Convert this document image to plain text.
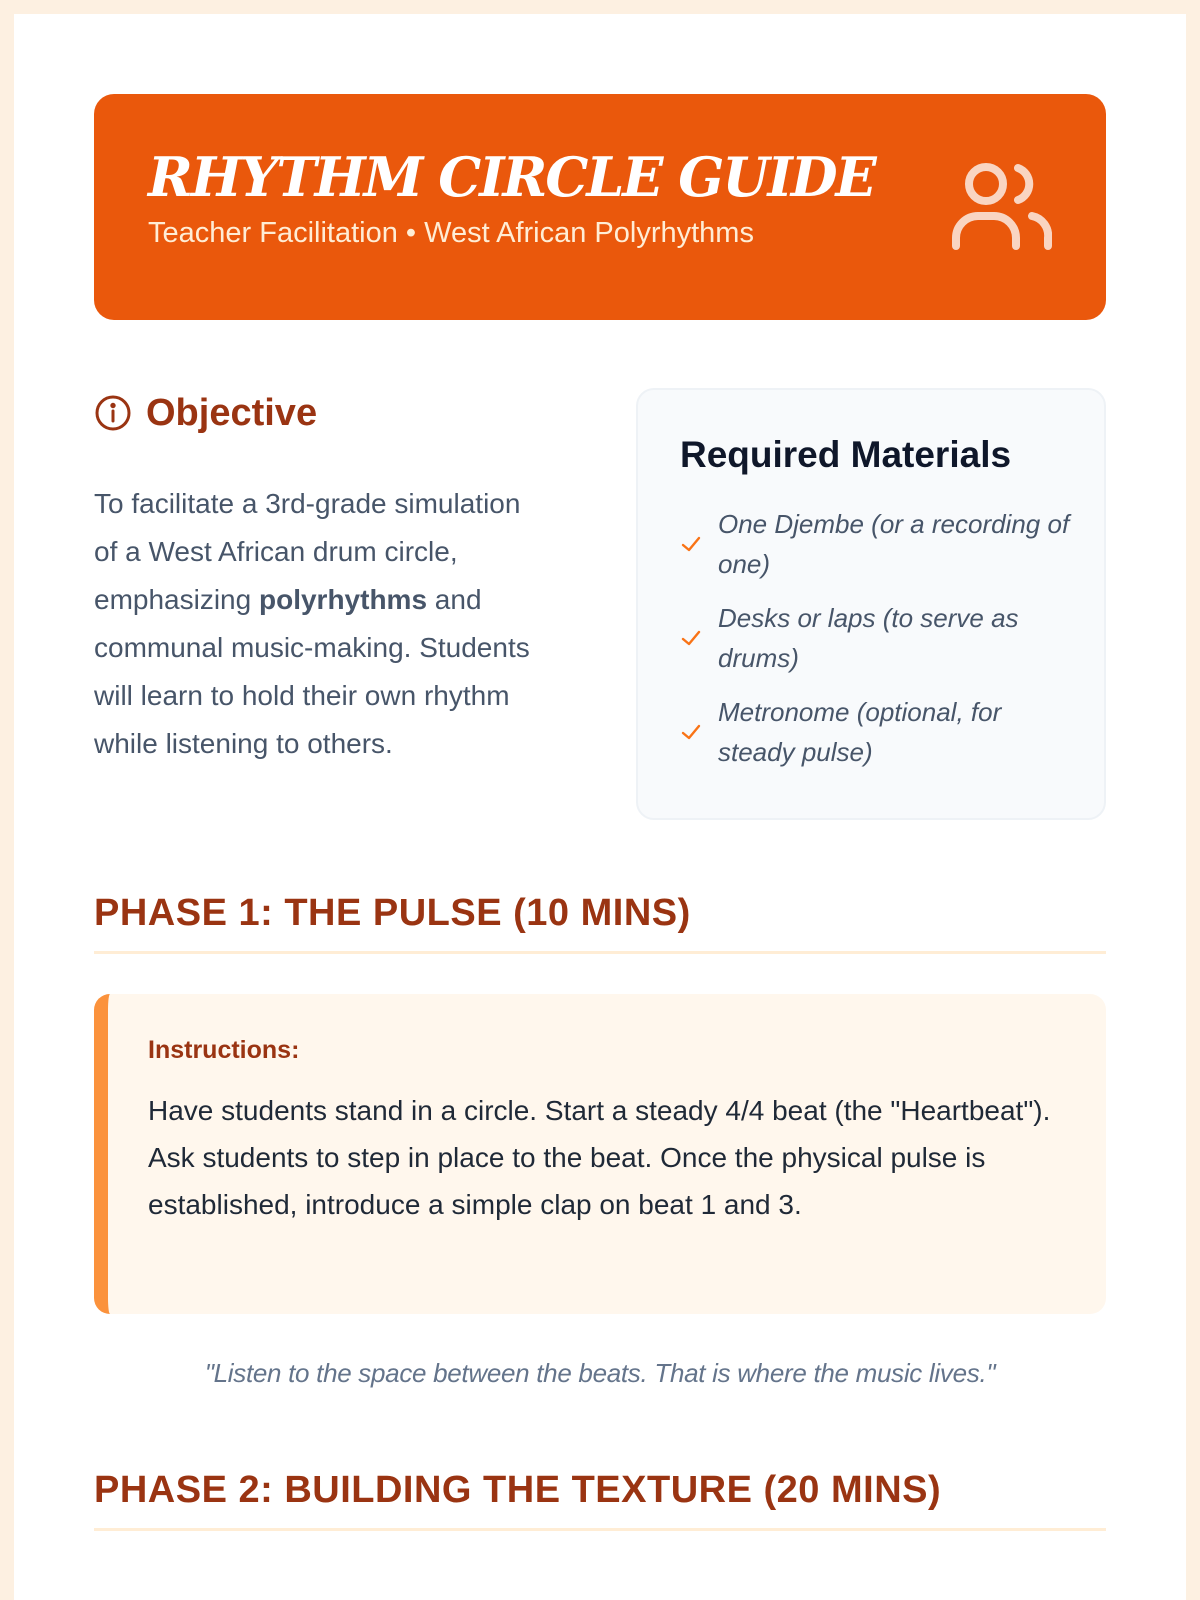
RHYTHM CIRCLE GUIDE
Teacher Facilitation • West African Polyrhythms
Objective

To facilitate a 3rd-grade simulation of a West African drum circle, emphasizing polyrhythms and communal music-making. Students will learn to hold their own rhythm while listening to others.

Required Materials
One Djembe (or a recording of one)
Desks or laps (to serve as drums)
Metronome (optional, for steady pulse)
PHASE 1: THE PULSE (10 MINS)
Instructions:
Have students stand in a circle. Start a steady 4/4 beat (the "Heartbeat"). Ask students to step in place to the beat. Once the physical pulse is established, introduce a simple clap on beat 1 and 3.
"Listen to the space between the beats. That is where the music lives."
PHASE 2: BUILDING THE TEXTURE (20 MINS)
